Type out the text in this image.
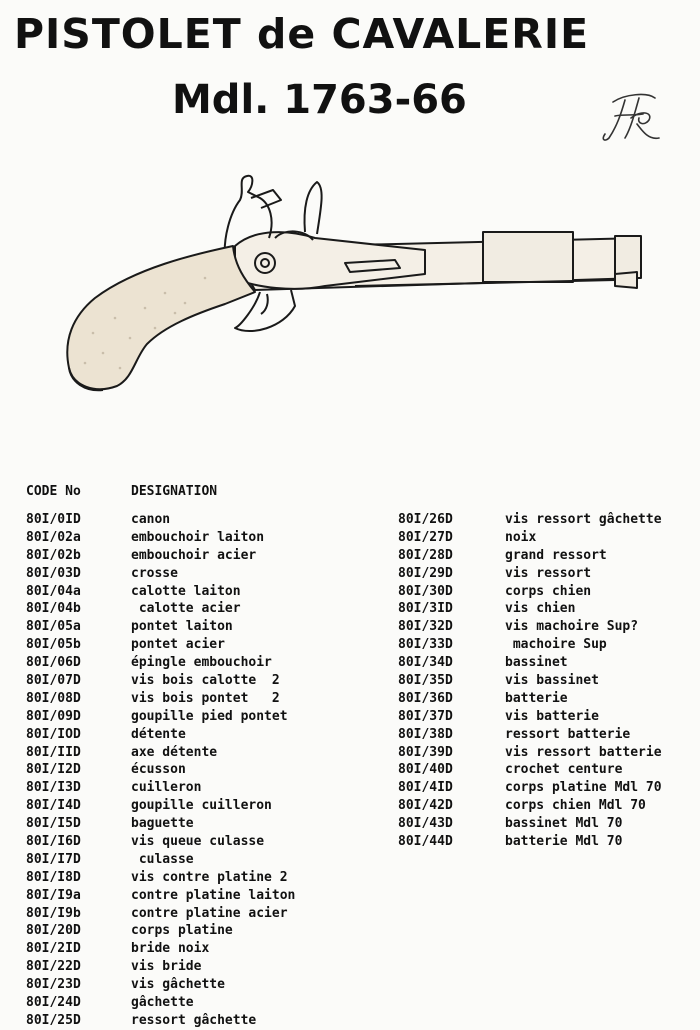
PISTOLET de CAVALERIE
Mdl. 1763-66
CODE No	DESIGNATION
80I/0ID	canon
80I/02a	embouchoir laiton
80I/02b	embouchoir acier
80I/03D	crosse
80I/04a	calotte laiton
80I/04b	calotte acier
80I/05a	pontet laiton
80I/05b	pontet acier
80I/06D	épingle embouchoir
80I/07D	vis bois calotte  2
80I/08D	vis bois pontet   2
80I/09D	goupille pied pontet
80I/IOD	détente
80I/IID	axe détente
80I/I2D	écusson
80I/I3D	cuilleron
80I/I4D	goupille cuilleron
80I/I5D	baguette
80I/I6D	vis queue culasse
80I/I7D	culasse
80I/I8D	vis contre platine 2
80I/I9a	contre platine laiton
80I/I9b	contre platine acier
80I/20D	corps platine
80I/2ID	bride noix
80I/22D	vis bride
80I/23D	vis gâchette
80I/24D	gâchette
80I/25D	ressort gâchette
80I/26D	vis ressort gâchette
80I/27D	noix
80I/28D	grand ressort
80I/29D	vis ressort
80I/30D	corps chien
80I/3ID	vis chien
80I/32D	vis machoire Sup?
80I/33D	machoire Sup
80I/34D	bassinet
80I/35D	vis bassinet
80I/36D	batterie
80I/37D	vis batterie
80I/38D	ressort batterie
80I/39D	vis ressort batterie
80I/40D	crochet centure
80I/4ID	corps platine Mdl 70
80I/42D	corps chien Mdl 70
80I/43D	bassinet Mdl 70
80I/44D	batterie Mdl 70
